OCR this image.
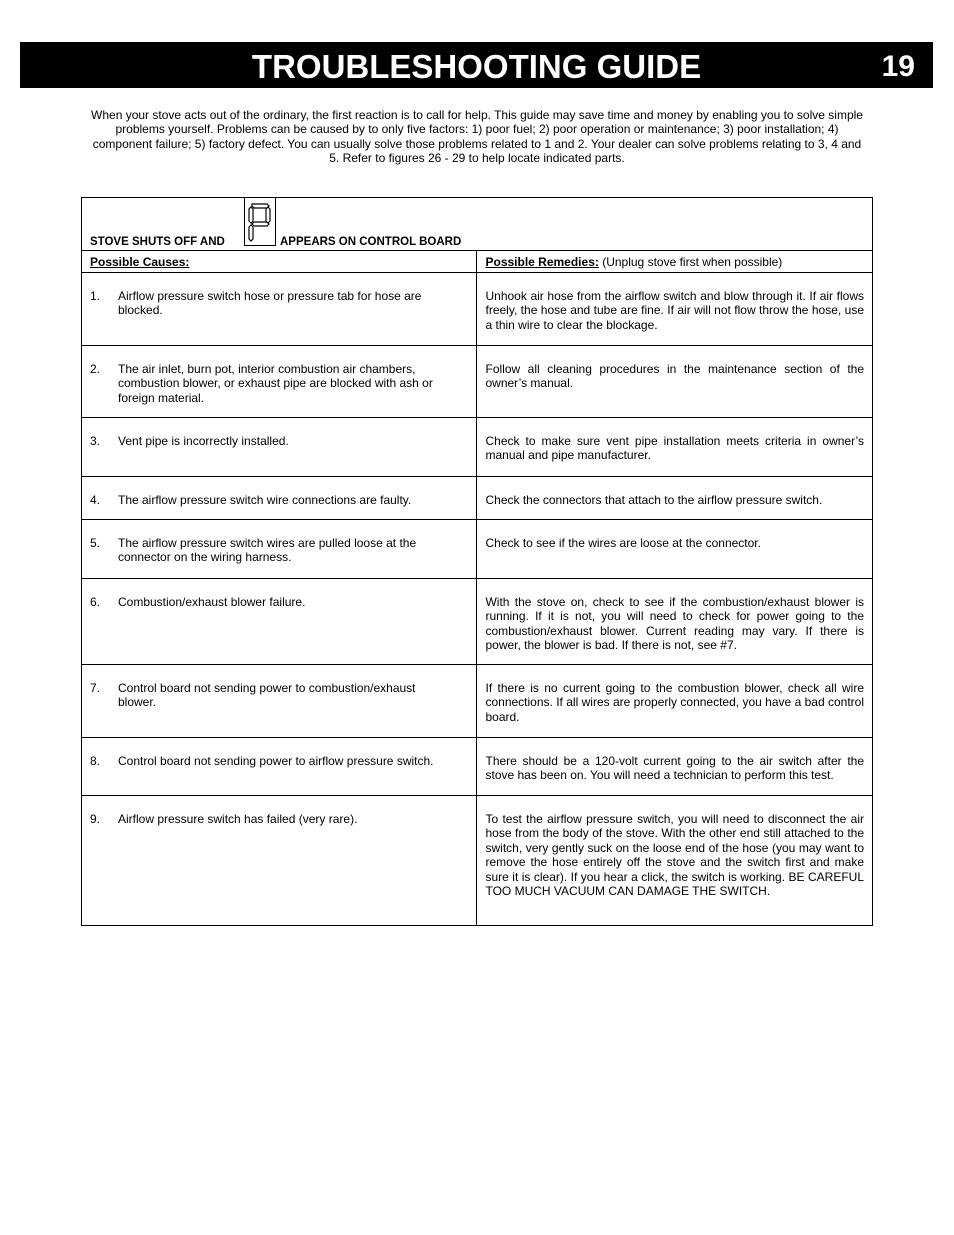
TROUBLESHOOTING GUIDE	19
When your stove acts out of the ordinary, the first reaction is to call for help. This guide may save time and money by enabling you to solve simple problems yourself. Problems can be caused by to only five factors: 1) poor fuel; 2) poor operation or maintenance; 3) poor installation; 4) component failure; 5) factory defect. You can usually solve those problems related to 1 and 2. Your dealer can solve problems relating to 3, 4 and 5. Refer to figures 26 - 29 to help locate indicated parts.
STOVE SHUTS OFF AND APPEARS ON CONTROL BOARD	

Possible Causes:	Possible Remedies: (Unplug stove first when possible)

1. Airflow pressure switch hose or pressure tab for hose are blocked.	Unhook air hose from the airflow switch and blow through it. If air flows freely, the hose and tube are fine. If air will not flow throw the hose, use a thin wire to clear the blockage.

2. The air inlet, burn pot, interior combustion air chambers, combustion blower, or exhaust pipe are blocked with ash or foreign material.	Follow all cleaning procedures in the maintenance section of the owner’s manual.

3. Vent pipe is incorrectly installed.	Check to make sure vent pipe installation meets criteria in owner’s manual and pipe manufacturer.

4. The airflow pressure switch wire connections are faulty.	Check the connectors that attach to the airflow pressure switch.

5. The airflow pressure switch wires are pulled loose at the connector on the wiring harness.	Check to see if the wires are loose at the connector.

6. Combustion/exhaust blower failure.	With the stove on, check to see if the combustion/exhaust blower is running. If it is not, you will need to check for power going to the combustion/exhaust blower. Current reading may vary. If there is power, the blower is bad. If there is not, see #7.

7. Control board not sending power to combustion/exhaust blower.	If there is no current going to the combustion blower, check all wire connections. If all wires are properly connected, you have a bad control board.

8. Control board not sending power to airflow pressure switch.	There should be a 120-volt current going to the air switch after the stove has been on. You will need a technician to perform this test.

9. Airflow pressure switch has failed (very rare).	To test the airflow pressure switch, you will need to disconnect the air hose from the body of the stove. With the other end still attached to the switch, very gently suck on the loose end of the hose (you may want to remove the hose entirely off the stove and the switch first and make sure it is clear). If you hear a click, the switch is working. BE CAREFUL TOO MUCH VACUUM CAN DAMAGE THE SWITCH.
